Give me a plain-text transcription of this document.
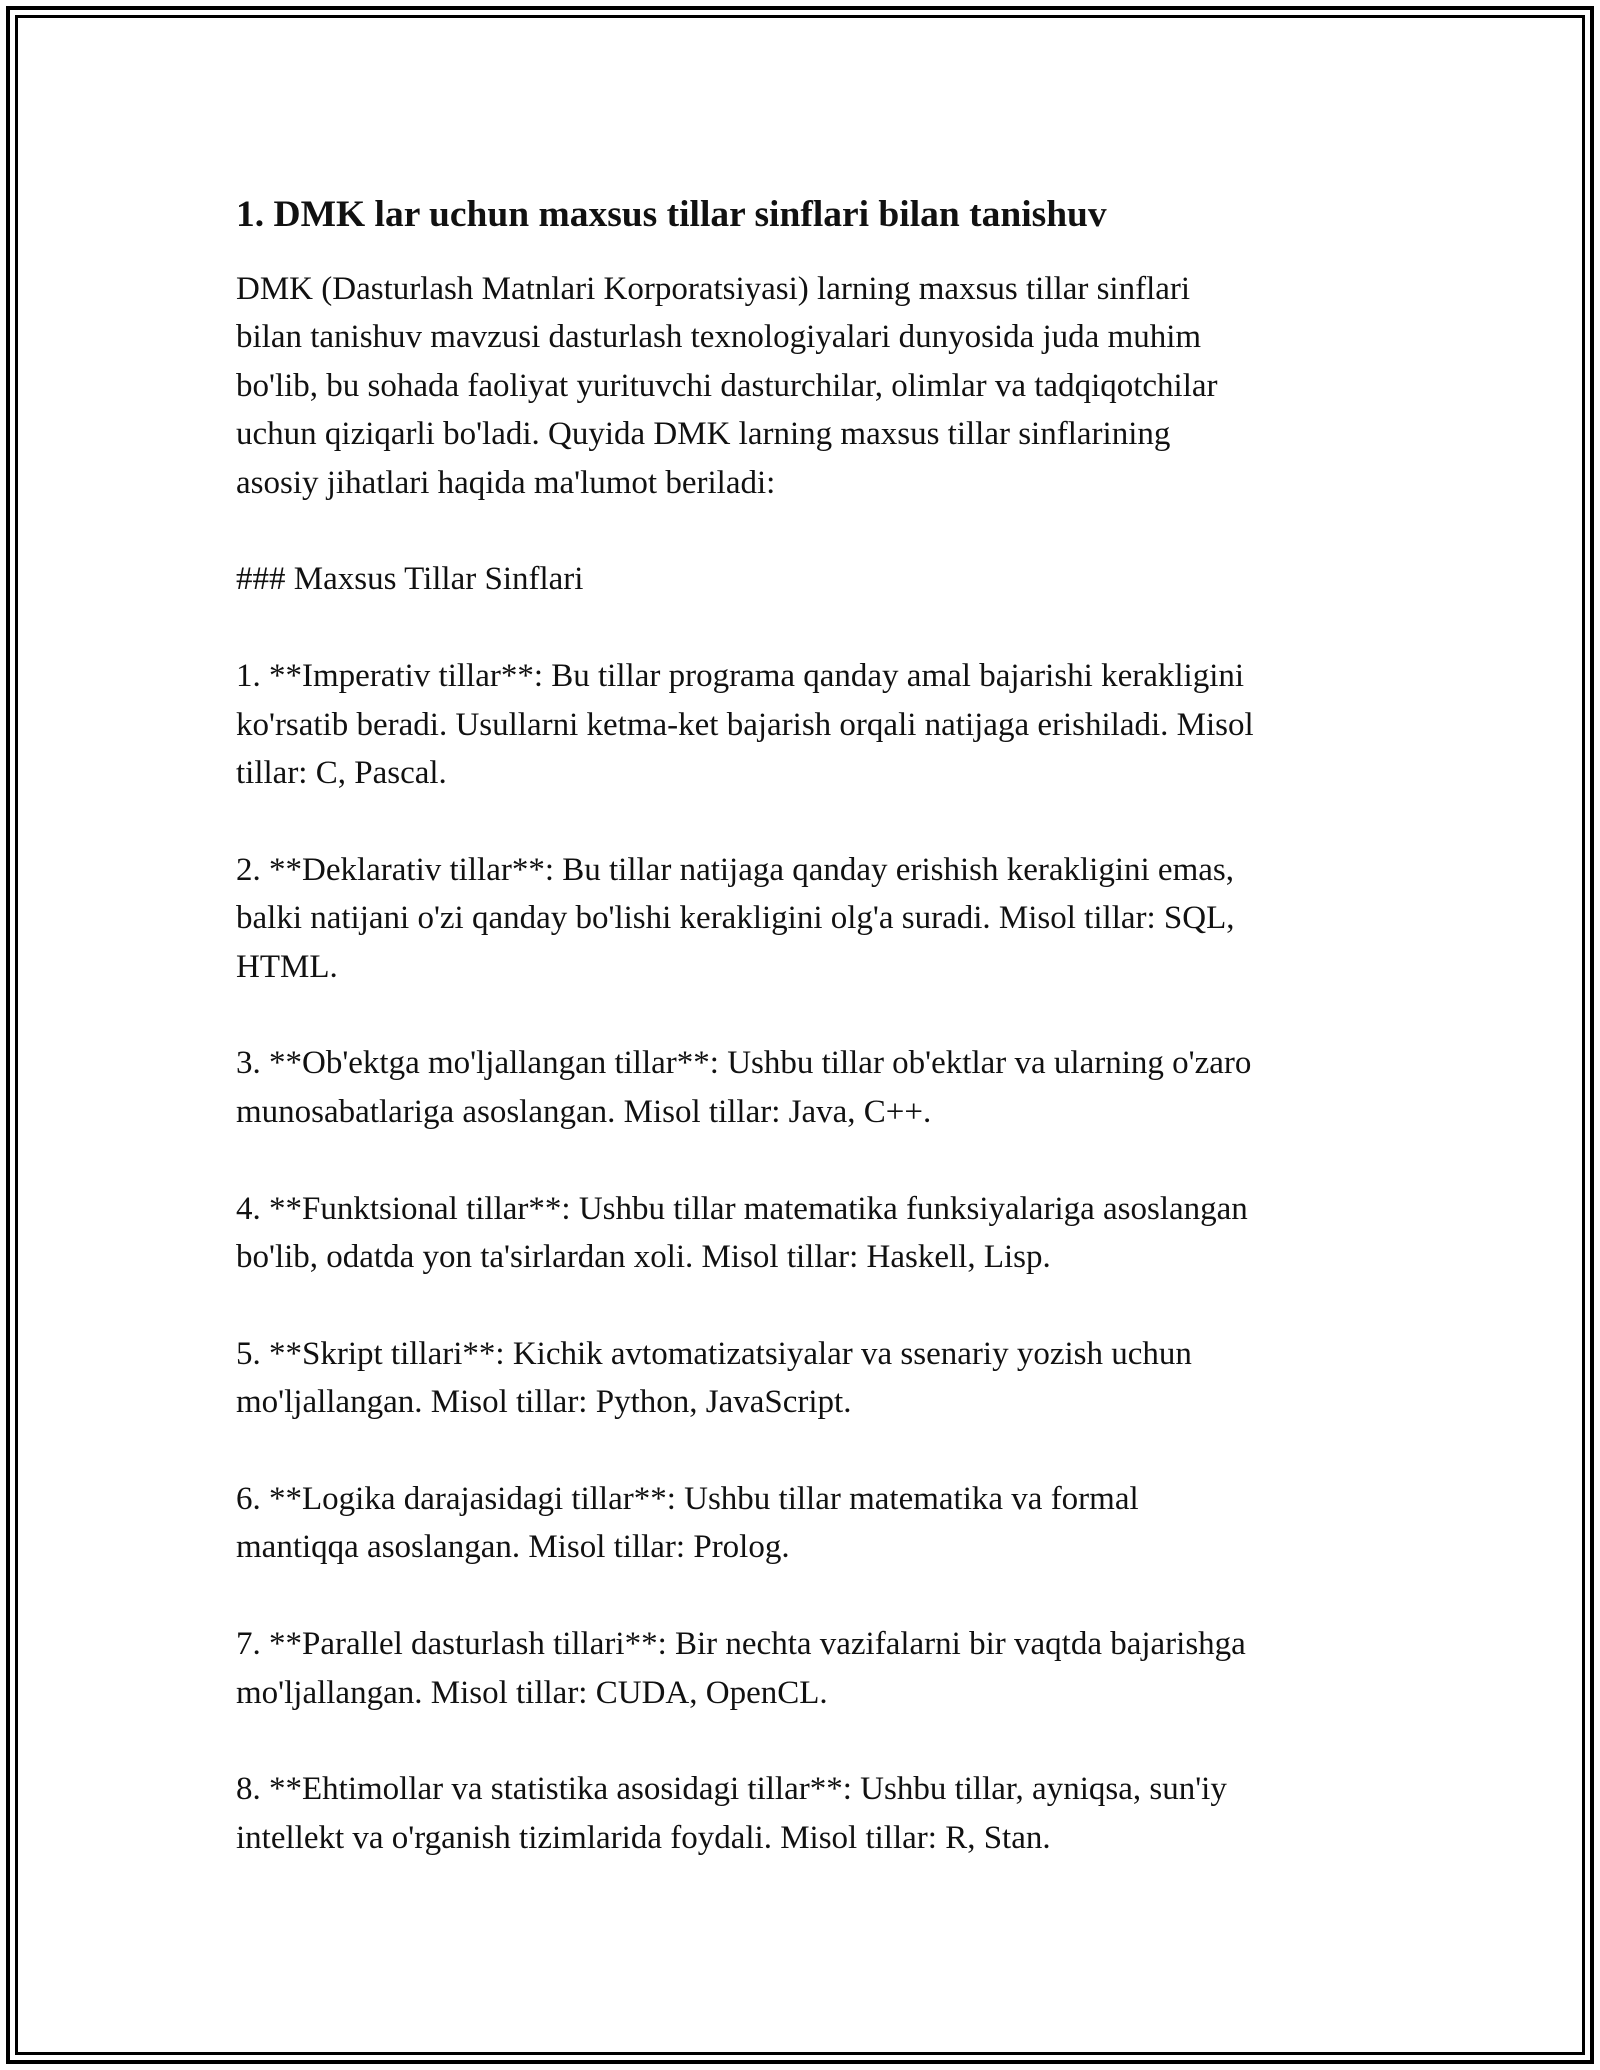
1. DMK lar uchun maxsus tillar sinflari bilan tanishuv

DMK (Dasturlash Matnlari Korporatsiyasi) larning maxsus tillar sinflari
bilan tanishuv mavzusi dasturlash texnologiyalari dunyosida juda muhim
bo'lib, bu sohada faoliyat yurituvchi dasturchilar, olimlar va tadqiqotchilar
uchun qiziqarli bo'ladi. Quyida DMK larning maxsus tillar sinflarining
asosiy jihatlari haqida ma'lumot beriladi:

### Maxsus Tillar Sinflari

1. **Imperativ tillar**: Bu tillar programa qanday amal bajarishi kerakligini
ko'rsatib beradi. Usullarni ketma-ket bajarish orqali natijaga erishiladi. Misol
tillar: C, Pascal.

2. **Deklarativ tillar**: Bu tillar natijaga qanday erishish kerakligini emas,
balki natijani o'zi qanday bo'lishi kerakligini olg'a suradi. Misol tillar: SQL,
HTML.

3. **Ob'ektga mo'ljallangan tillar**: Ushbu tillar ob'ektlar va ularning o'zaro
munosabatlariga asoslangan. Misol tillar: Java, C++.

4. **Funktsional tillar**: Ushbu tillar matematika funksiyalariga asoslangan
bo'lib, odatda yon ta'sirlardan xoli. Misol tillar: Haskell, Lisp.

5. **Skript tillari**: Kichik avtomatizatsiyalar va ssenariy yozish uchun
mo'ljallangan. Misol tillar: Python, JavaScript.

6. **Logika darajasidagi tillar**: Ushbu tillar matematika va formal
mantiqqa asoslangan. Misol tillar: Prolog.

7. **Parallel dasturlash tillari**: Bir nechta vazifalarni bir vaqtda bajarishga
mo'ljallangan. Misol tillar: CUDA, OpenCL.

8. **Ehtimollar va statistika asosidagi tillar**: Ushbu tillar, ayniqsa, sun'iy
intellekt va o'rganish tizimlarida foydali. Misol tillar: R, Stan.
